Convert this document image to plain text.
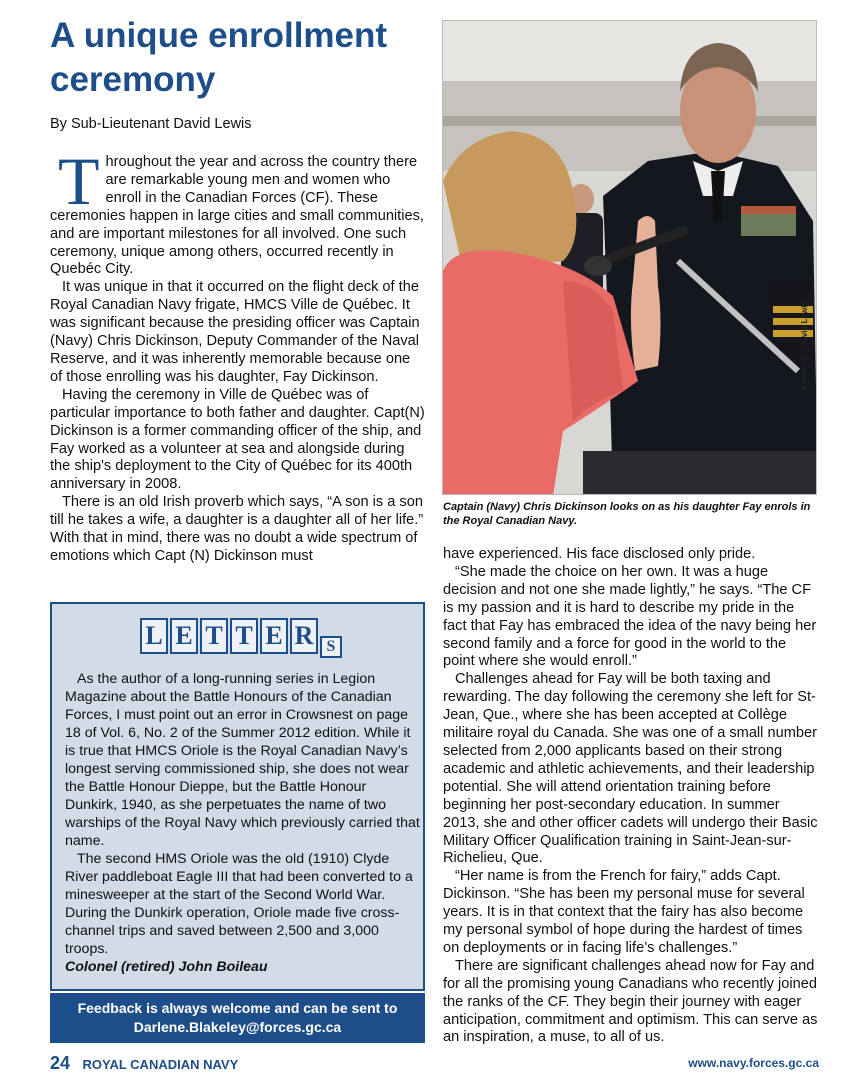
A unique enrollment ceremony
By Sub-Lieutenant David Lewis

Throughout the year and across the country there are remarkable young men and women who enroll in the Canadian Forces (CF). These ceremonies happen in large cities and small communities, and are important milestones for all involved. One such ceremony, unique among others, occurred recently in Quebéc City.

It was unique in that it occurred on the flight deck of the Royal Canadian Navy frigate, HMCS Ville de Québec. It was significant because the presiding officer was Captain (Navy) Chris Dickinson, Deputy Commander of the Naval Reserve, and it was inherently memorable because one of those enrolling was his daughter, Fay Dickinson.

Having the ceremony in Ville de Québec was of particular importance to both father and daughter. Capt(N) Dickinson is a former commanding officer of the ship, and Fay worked as a volunteer at sea and alongside during the ship's deployment to the City of Québec for its 400th anniversary in 2008.

There is an old Irish proverb which says, “A son is a son till he takes a wife, a daughter is a daughter all of her life.” With that in mind, there was no doubt a wide spectrum of emotions which Capt (N) Dickinson must

Photo: SLt David Lewis
Captain (Navy) Chris Dickinson looks on as his daughter Fay enrols in the Royal Canadian Navy.

have experienced. His face disclosed only pride.

“She made the choice on her own. It was a huge decision and not one she made lightly,” he says. “The CF is my passion and it is hard to describe my pride in the fact that Fay has embraced the idea of the navy being her second family and a force for good in the world to the point where she would enroll.”

Challenges ahead for Fay will be both taxing and rewarding. The day following the ceremony she left for St-Jean, Que., where she has been accepted at Collège militaire royal du Canada. She was one of a small number selected from 2,000 applicants based on their strong academic and athletic achievements, and their leadership potential. She will attend orientation training before beginning her post-secondary education. In summer 2013, she and other officer cadets will undergo their Basic Military Officer Qualification training in Saint-Jean-sur-Richelieu, Que.

“Her name is from the French for fairy,” adds Capt. Dickinson. “She has been my personal muse for several years. It is in that context that the fairy has also become my personal symbol of hope during the hardest of times on deployments or in facing life’s challenges.”

There are significant challenges ahead now for Fay and for all the promising young Canadians who recently joined the ranks of the CF. They begin their journey with eager anticipation, commitment and optimism. This can serve as an inspiration, a muse, to all of us.

L E T T E R S

As the author of a long-running series in Legion Magazine about the Battle Honours of the Canadian Forces, I must point out an error in Crowsnest on page 18 of Vol. 6, No. 2 of the Summer 2012 edition. While it is true that HMCS Oriole is the Royal Canadian Navy’s longest serving commissioned ship, she does not wear the Battle Honour Dieppe, but the Battle Honour Dunkirk, 1940, as she perpetuates the name of two warships of the Royal Navy which previously carried that name.

The second HMS Oriole was the old (1910) Clyde River paddleboat Eagle III that had been converted to a minesweeper at the start of the Second World War. During the Dunkirk operation, Oriole made five cross-channel trips and saved between 2,500 and 3,000 troops.

Colonel (retired) John Boileau

Feedback is always welcome and can be sent to
Darlene.Blakeley@forces.gc.ca
24 ROYAL CANADIAN NAVY	www.navy.forces.gc.ca
